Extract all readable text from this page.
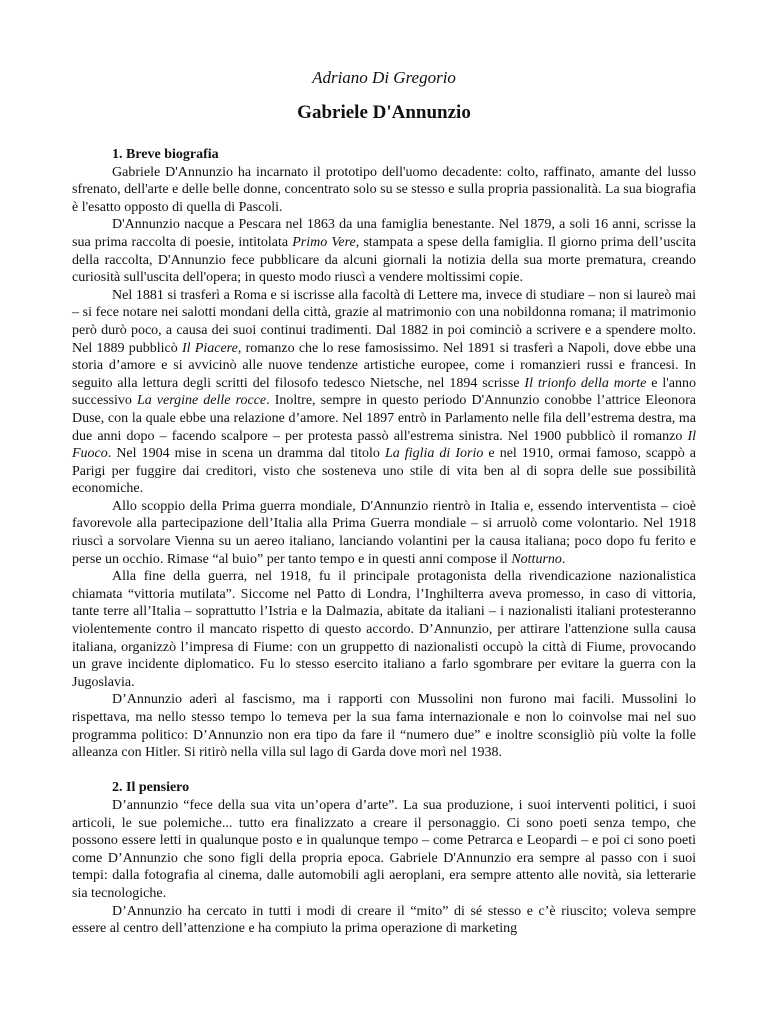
Adriano Di Gregorio
Gabriele D'Annunzio
1. Breve biografia

Gabriele D'Annunzio ha incarnato il prototipo dell'uomo decadente: colto, raffinato, amante del lusso sfrenato, dell'arte e delle belle donne, concentrato solo su se stesso e sulla propria passionalità. La sua biografia è l'esatto opposto di quella di Pascoli.

D'Annunzio nacque a Pescara nel 1863 da una famiglia benestante. Nel 1879, a soli 16 anni, scrisse la sua prima raccolta di poesie, intitolata Primo Vere, stampata a spese della famiglia. Il giorno prima dell’uscita della raccolta, D'Annunzio fece pubblicare da alcuni giornali la notizia della sua morte prematura, creando curiosità sull'uscita dell'opera; in questo modo riuscì a vendere moltissimi copie.

Nel 1881 si trasferì a Roma e si iscrisse alla facoltà di Lettere ma, invece di studiare – non si laureò mai – si fece notare nei salotti mondani della città, grazie al matrimonio con una nobildonna romana; il matrimonio però durò poco, a causa dei suoi continui tradimenti. Dal 1882 in poi cominciò a scrivere e a spendere molto. Nel 1889 pubblicò Il Piacere, romanzo che lo rese famosissimo. Nel 1891 si trasferì a Napoli, dove ebbe una storia d’amore e si avvicinò alle nuove tendenze artistiche europee, come i romanzieri russi e francesi. In seguito alla lettura degli scritti del filosofo tedesco Nietsche, nel 1894 scrisse Il trionfo della morte e l'anno successivo La vergine delle rocce. Inoltre, sempre in questo periodo D'Annunzio conobbe l’attrice Eleonora Duse, con la quale ebbe una relazione d’amore. Nel 1897 entrò in Parlamento nelle fila dell’estrema destra, ma due anni dopo – facendo scalpore – per protesta passò all'estrema sinistra. Nel 1900 pubblicò il romanzo Il Fuoco. Nel 1904 mise in scena un dramma dal titolo La figlia di Iorio e nel 1910, ormai famoso, scappò a Parigi per fuggire dai creditori, visto che sosteneva uno stile di vita ben al di sopra delle sue possibilità economiche.

Allo scoppio della Prima guerra mondiale, D'Annunzio rientrò in Italia e, essendo interventista – cioè favorevole alla partecipazione dell’Italia alla Prima Guerra mondiale – si arruolò come volontario. Nel 1918 riuscì a sorvolare Vienna su un aereo italiano, lanciando volantini per la causa italiana; poco dopo fu ferito e perse un occhio. Rimase “al buio” per tanto tempo e in questi anni compose il Notturno.

Alla fine della guerra, nel 1918, fu il principale protagonista della rivendicazione nazionalistica chiamata “vittoria mutilata”. Siccome nel Patto di Londra, l’Inghilterra aveva promesso, in caso di vittoria, tante terre all’Italia – soprattutto l’Istria e la Dalmazia, abitate da italiani – i nazionalisti italiani protesteranno violentemente contro il mancato rispetto di questo accordo. D’Annunzio, per attirare l'attenzione sulla causa italiana, organizzò l’impresa di Fiume: con un gruppetto di nazionalisti occupò la città di Fiume, provocando un grave incidente diplomatico. Fu lo stesso esercito italiano a farlo sgombrare per evitare la guerra con la Jugoslavia.

D’Annunzio aderì al fascismo, ma i rapporti con Mussolini non furono mai facili. Mussolini lo rispettava, ma nello stesso tempo lo temeva per la sua fama internazionale e non lo coinvolse mai nel suo programma politico: D’Annunzio non era tipo da fare il “numero due” e inoltre sconsigliò più volte la folle alleanza con Hitler. Si ritirò nella villa sul lago di Garda dove morì nel 1938.

2. Il pensiero

D’annunzio “fece della sua vita un’opera d’arte”. La sua produzione, i suoi interventi politici, i suoi articoli, le sue polemiche... tutto era finalizzato a creare il personaggio. Ci sono poeti senza tempo, che possono essere letti in qualunque posto e in qualunque tempo – come Petrarca e Leopardi – e poi ci sono poeti come D’Annunzio che sono figli della propria epoca. Gabriele D'Annunzio era sempre al passo con i suoi tempi: dalla fotografia al cinema, dalle automobili agli aeroplani, era sempre attento alle novità, sia letterarie sia tecnologiche.

D’Annunzio ha cercato in tutti i modi di creare il “mito” di sé stesso e c’è riuscito; voleva sempre essere al centro dell’attenzione e ha compiuto la prima operazione di marketing
